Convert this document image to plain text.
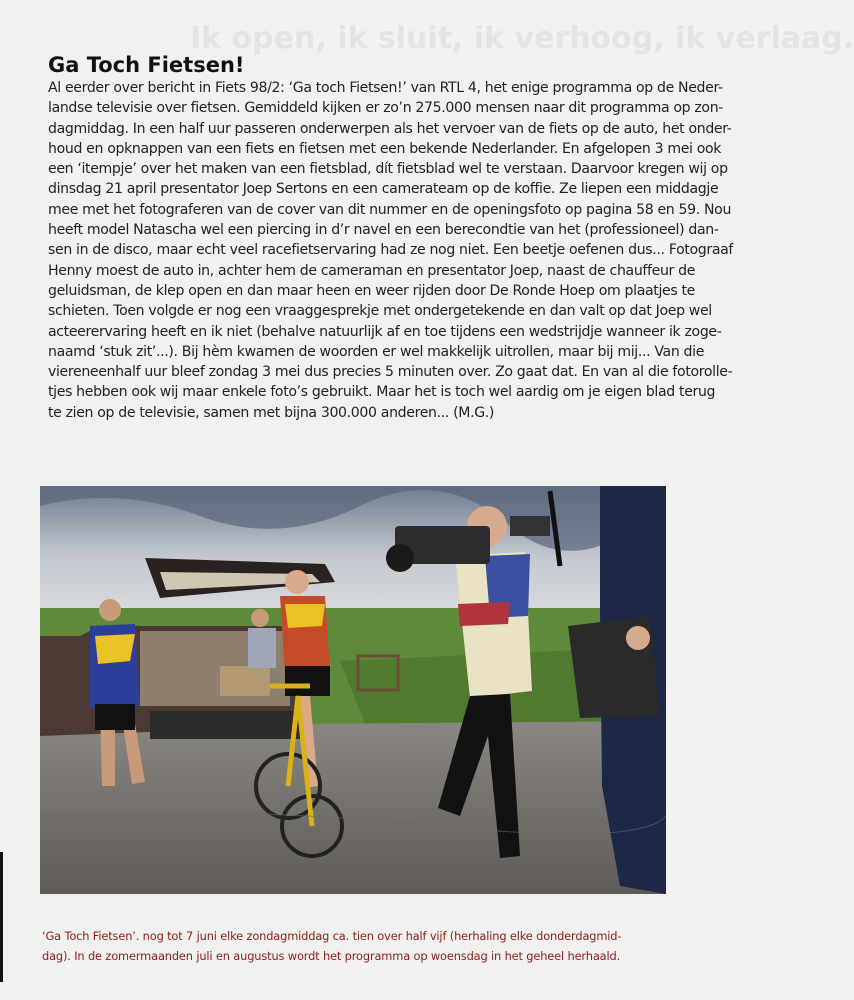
Ik open, ik sluit, ik verhoog, ik verlaag.
Ga Toch Fietsen!
Al eerder over bericht in Fiets 98/2: ‘Ga toch Fietsen!’ van RTL 4, het enige programma op de Neder-
landse televisie over fietsen. Gemiddeld kijken er zo’n 275.000 mensen naar dit programma op zon-
dagmiddag. In een half uur passeren onderwerpen als het vervoer van de fiets op de auto, het onder-
houd en opknappen van een fiets en fietsen met een bekende Nederlander. En afgelopen 3 mei ook
een ‘itempje’ over het maken van een fietsblad, dít fietsblad wel te verstaan. Daarvoor kregen wij op
dinsdag 21 april presentator Joep Sertons en een camerateam op de koffie. Ze liepen een middagje
mee met het fotograferen van de cover van dit nummer en de openingsfoto op pagina 58 en 59. Nou
heeft model Natascha wel een piercing in d’r navel en een berecondtie van het (professioneel) dan-
sen in de disco, maar echt veel racefietservaring had ze nog niet. Een beetje oefenen dus... Fotograaf
Henny moest de auto in, achter hem de cameraman en presentator Joep, naast de chauffeur de
geluidsman, de klep open en dan maar heen en weer rijden door De Ronde Hoep om plaatjes te
schieten. Toen volgde er nog een vraaggesprekje met ondergetekende en dan valt op dat Joep wel
acteerervaring heeft en ik niet (behalve natuurlijk af en toe tijdens een wedstrijdje wanneer ik zoge-
naamd ‘stuk zit’...). Bij hèm kwamen de woorden er wel makkelijk uitrollen, maar bij mij... Van die
viereneenhalf uur bleef zondag 3 mei dus precies 5 minuten over. Zo gaat dat. En van al die fotorolle-
tjes hebben ook wij maar enkele foto’s gebruikt. Maar het is toch wel aardig om je eigen blad terug
te zien op de televisie, samen met bijna 300.000 anderen... (M.G.)
‘Ga Toch Fietsen’. nog tot 7 juni elke zondagmiddag ca. tien over half vijf (herhaling elke donderdagmid-
dag). In de zomermaanden juli en augustus wordt het programma op woensdag in het geheel herhaald.
